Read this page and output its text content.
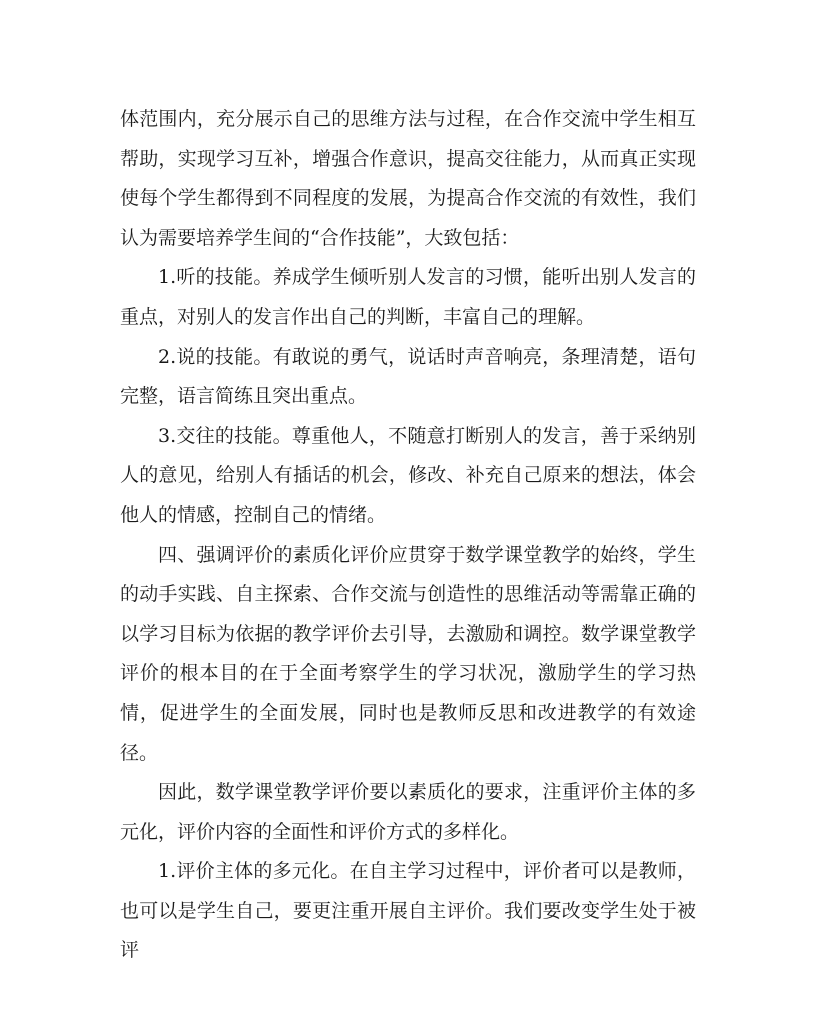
体范围内，充分展示自己的思维方法与过程，在合作交流中学生相互帮助，实现学习互补，增强合作意识，提高交往能力，从而真正实现使每个学生都得到不同程度的发展，为提高合作交流的有效性，我们认为需要培养学生间的“合作技能”，大致包括：

1.听的技能。养成学生倾听别人发言的习惯，能听出别人发言的重点，对别人的发言作出自己的判断，丰富自己的理解。

2.说的技能。有敢说的勇气，说话时声音响亮，条理清楚，语句完整，语言简练且突出重点。

3.交往的技能。尊重他人，不随意打断别人的发言，善于采纳别人的意见，给别人有插话的机会，修改、补充自己原来的想法，体会他人的情感，控制自己的情绪。

四、强调评价的素质化评价应贯穿于数学课堂教学的始终，学生的动手实践、自主探索、合作交流与创造性的思维活动等需靠正确的以学习目标为依据的教学评价去引导，去激励和调控。数学课堂教学评价的根本目的在于全面考察学生的学习状况，激励学生的学习热情，促进学生的全面发展，同时也是教师反思和改进教学的有效途径。

因此，数学课堂教学评价要以素质化的要求，注重评价主体的多元化，评价内容的全面性和评价方式的多样化。

1.评价主体的多元化。在自主学习过程中，评价者可以是教师，也可以是学生自己，要更注重开展自主评价。我们要改变学生处于被评
